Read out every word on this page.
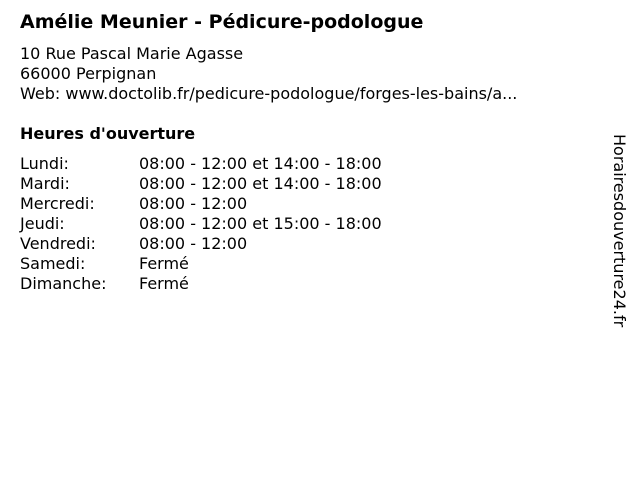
Amélie Meunier - Pédicure-podologue
10 Rue Pascal Marie Agasse
66000 Perpignan
Web: www.doctolib.fr/pedicure-podologue/forges-les-bains/a...
Heures d'ouverture
Lundi:	08:00 - 12:00 et 14:00 - 18:00
Mardi:	08:00 - 12:00 et 14:00 - 18:00
Mercredi:	08:00 - 12:00
Jeudi:	08:00 - 12:00 et 15:00 - 18:00
Vendredi:	08:00 - 12:00
Samedi:	Fermé
Dimanche: Fermé	Horairesdouverture24.fr
